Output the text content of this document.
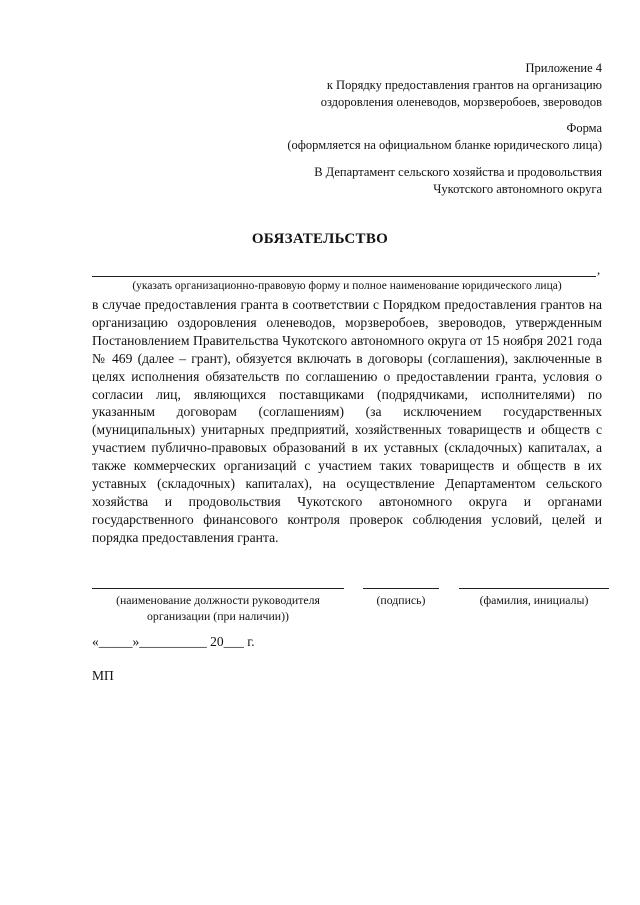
Приложение 4
к Порядку предоставления грантов на организацию
оздоровления оленеводов, морзверобоев, звероводов
Форма
(оформляется на официальном бланке юридического лица)
В Департамент сельского хозяйства и продовольствия
Чукотского автономного округа
ОБЯЗАТЕЛЬСТВО
,
(указать организационно-правовую форму и полное наименование юридического лица)
в случае предоставления гранта в соответствии с Порядком предоставления грантов на организацию оздоровления оленеводов, морзверобоев, звероводов, утвержденным Постановлением Правительства Чукотского автономного округа от 15 ноября 2021 года № 469 (далее – грант), обязуется включать в договоры (соглашения), заключенные в целях исполнения обязательств по соглашению о предоставлении гранта, условия о согласии лиц, являющихся поставщиками (подрядчиками, исполнителями) по указанным договорам (соглашениям) (за исключением государственных (муниципальных) унитарных предприятий, хозяйственных товариществ и обществ с участием публично-правовых образований в их уставных (складочных) капиталах, а также коммерческих организаций с участием таких товариществ и обществ в их уставных (складочных) капиталах), на осуществление Департаментом сельского хозяйства и продовольствия Чукотского автономного округа и органами государственного финансового контроля проверок соблюдения условий, целей и порядка предоставления гранта.
(наименование должности руководителя
организации (при наличии))
(подпись)	(фамилия, инициалы)
«_____»__________ 20___ г.
МП
